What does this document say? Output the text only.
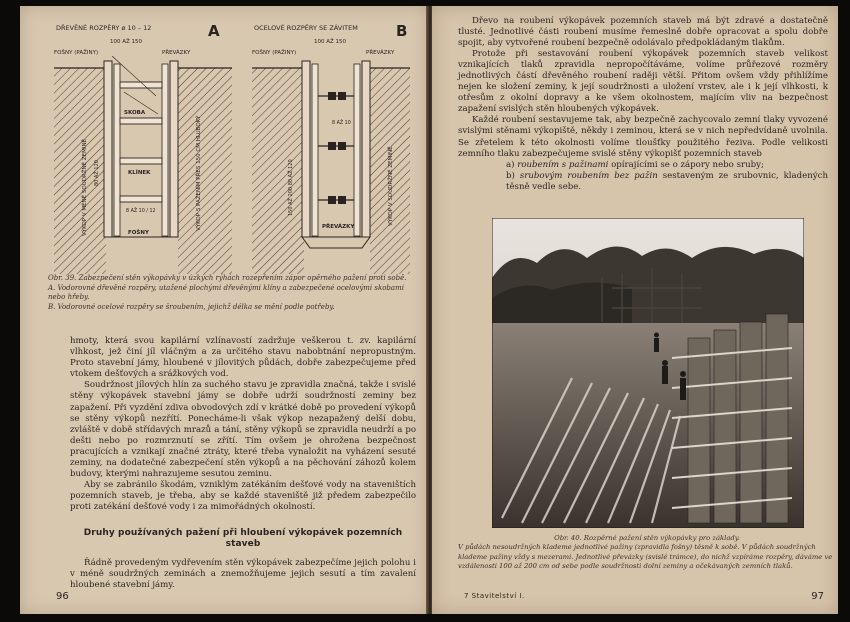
DŘEVĚNÉ ROZPĚRY ø 10 – 12	A
100 AŽ 150
FOŠNY (PAŽINY)	PŘEVÁZKY
SKOBA
KLÍNEK
8 AŽ 10 / 12
FOŠNY
VÝKOP V MÉNĚ SOUDRŽNÉ ZEMINĚ	80 AŽ 120	VÝKOP S PAŽENÍM PŘES 150 CM HLUBOKÝ
OCELOVÉ ROZPĚRY SE ZÁVITEM	B
100 AŽ 150
FOŠNY (PAŽINY)	PŘEVÁZKY
8 AŽ 10
PŘEVÁZKY
150 AŽ 200 80 AŽ 120	VÝKOP V SOUDRŽNÉ ZEMINĚ
Obr. 39. Zabezpečení stěn výkopávky v úzkých rýhách rozepřením zápor opěrného pažení proti sobě.
A. Vodorovné dřevěné rozpěry, utažené plochými dřevěnými klíny a zabezpečené ocelovými skobami nebo hřeby.
B. Vodorovné ocelové rozpěry se šroubením, jejichž délka se mění podle potřeby.

hmoty, která svou kapilární vzlínavostí zadržuje veškerou t. zv. kapilární vlhkost, jež činí jíl vláčným a za určitého stavu nabobtnání nepropustným. Proto stavební jámy, hloubené v jílovitých půdách, dobře zabezpečujeme před vtokem dešťových a srážkových vod.

Soudržnost jílových hlín za suchého stavu je zpravidla značná, takže i svislé stěny výkopávek stavební jámy se dobře udrží soudržností zeminy bez zapažení. Při vyzdění zdiva obvodových zdí v krátké době po provedení výkopů se stěny výkopů nezřítí. Ponecháme-li však výkop nezapažený delší dobu, zvláště v době střídavých mrazů a tání, stěny výkopů se zpravidla neudrží a po dešti nebo po rozmrznutí se zřítí. Tím ovšem je ohrožena bezpečnost pracujících a vznikají značné ztráty, které třeba vynaložit na vyházení sesuté zeminy, na dodatečné zabezpečení stěn výkopů a na pěchování záhozů kolem budovy, kterými nahrazujeme sesutou zeminu.

Aby se zabránilo škodám, vzniklým zatékáním dešťové vody na staveništích pozemních staveb, je třeba, aby se každé staveniště již předem zabezpečilo proti zatékání dešťové vody i za mimořádných okolností.

Druhy používaných pažení při hloubení výkopávek pozemních staveb

Řádně provedeným vydřevením stěn výkopávek zabezpečíme jejich polohu i v méně soudržných zeminách a znemožňujeme jejich sesutí a tím zavalení hloubené stavební jámy.

96

Dřevo na roubení výkopávek pozemních staveb má být zdravé a dostatečně tlusté. Jednotlivé části roubení musíme řemeslně dobře opracovat a spolu dobře spojit, aby vytvořené roubení bezpečně odolávalo předpokládaným tlakům.

Protože při sestavování roubení výkopávek pozemních staveb velikost vznikajících tlaků zpravidla nepropočítáváme, volíme průřezové rozměry jednotlivých částí dřevěného roubení raději větší. Přitom ovšem vždy přihlížíme nejen ke složení zeminy, k její soudržnosti a uložení vrstev, ale i k její vlhkosti, k otřesům z okolní dopravy a ke všem okolnostem, majícím vliv na bezpečnost zapažení svislých stěn hloubených výkopávek.

Každé roubení sestavujeme tak, aby bezpečně zachycovalo zemní tlaky vyvozené svislými stěnami výkopiště, někdy i zeminou, která se v nich nepředvídaně uvolnila. Se zřetelem k této okolnosti volíme tloušťky použitého řeziva. Podle velikosti zemního tlaku zabezpečujeme svislé stěny výkopišť pozemních staveb

a) roubením s pažinami opírajícími se o zápory nebo sruby;

b) srubovým roubením bez pažin sestaveným ze srubovnic, kladených těsně vedle sebe.

Obr. 40. Rozpěrné pažení stěn výkopávky pro základy.
V půdách nesoudržných klademe jednotlivé pažiny (zpravidla fošny) těsně k sobě. V půdách soudržných klademe pažiny vždy s mezerami. Jednotlivé převázky (svislé trámce), do nichž vzpíráme rozpěry, dáváme ve vzdálenosti 100 až 200 cm od sebe podle soudržnosti dolní zeminy a očekávaných zemních tlaků.
7 Stavitelství I.	97
